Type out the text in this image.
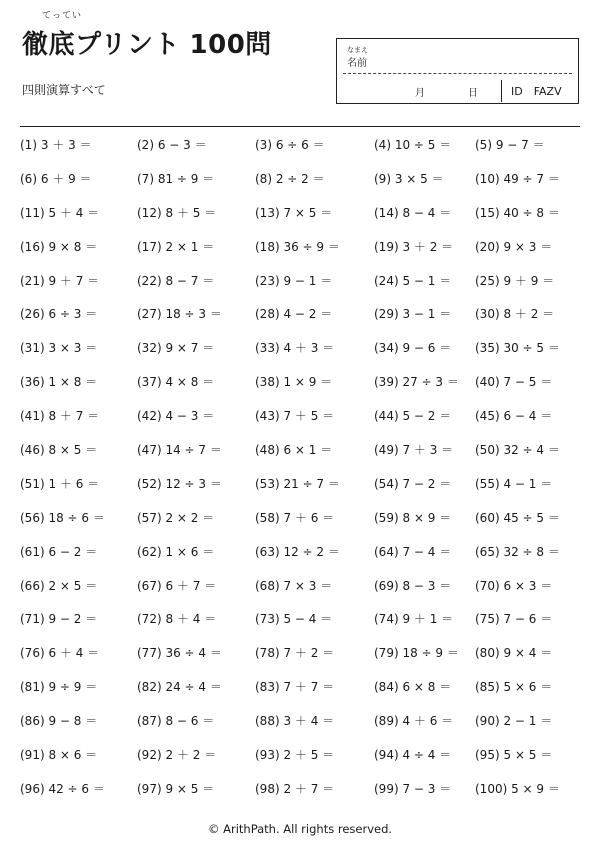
てってい
徹底プリント 100問
四則演算すべて
なまえ
名前
月	日	ID　FAZV
(1) 3 ＋ 3 ＝	(2) 6 − 3 ＝	(3) 6 ÷ 6 ＝	(4) 10 ÷ 5 ＝ (5) 9 − 7 ＝
(6) 6 ＋ 9 ＝	(7) 81 ÷ 9 ＝	(8) 2 ÷ 2 ＝	(9) 3 × 5 ＝	(10) 49 ÷ 7 ＝
(11) 5 ＋ 4 ＝	(12) 8 ＋ 5 ＝	(13) 7 × 5 ＝	(14) 8 − 4 ＝ (15) 40 ÷ 8 ＝
(16) 9 × 8 ＝	(17) 2 × 1 ＝	(18) 36 ÷ 9 ＝	(19) 3 ＋ 2 ＝ (20) 9 × 3 ＝
(21) 9 ＋ 7 ＝	(22) 8 − 7 ＝	(23) 9 − 1 ＝	(24) 5 − 1 ＝ (25) 9 ＋ 9 ＝
(26) 6 ÷ 3 ＝	(27) 18 ÷ 3 ＝	(28) 4 − 2 ＝	(29) 3 − 1 ＝ (30) 8 ＋ 2 ＝
(31) 3 × 3 ＝	(32) 9 × 7 ＝	(33) 4 ＋ 3 ＝	(34) 9 − 6 ＝ (35) 30 ÷ 5 ＝
(36) 1 × 8 ＝	(37) 4 × 8 ＝	(38) 1 × 9 ＝	(39) 27 ÷ 3 ＝ (40) 7 − 5 ＝
(41) 8 ＋ 7 ＝	(42) 4 − 3 ＝	(43) 7 ＋ 5 ＝	(44) 5 − 2 ＝ (45) 6 − 4 ＝
(46) 8 × 5 ＝	(47) 14 ÷ 7 ＝	(48) 6 × 1 ＝	(49) 7 ＋ 3 ＝ (50) 32 ÷ 4 ＝
(51) 1 ＋ 6 ＝	(52) 12 ÷ 3 ＝	(53) 21 ÷ 7 ＝	(54) 7 − 2 ＝ (55) 4 − 1 ＝
(56) 18 ÷ 6 ＝	(57) 2 × 2 ＝	(58) 7 ＋ 6 ＝	(59) 8 × 9 ＝ (60) 45 ÷ 5 ＝
(61) 6 − 2 ＝	(62) 1 × 6 ＝	(63) 12 ÷ 2 ＝	(64) 7 − 4 ＝ (65) 32 ÷ 8 ＝
(66) 2 × 5 ＝	(67) 6 ＋ 7 ＝	(68) 7 × 3 ＝	(69) 8 − 3 ＝ (70) 6 × 3 ＝
(71) 9 − 2 ＝	(72) 8 ＋ 4 ＝	(73) 5 − 4 ＝	(74) 9 ＋ 1 ＝ (75) 7 − 6 ＝
(76) 6 ＋ 4 ＝	(77) 36 ÷ 4 ＝	(78) 7 ＋ 2 ＝	(79) 18 ÷ 9 ＝ (80) 9 × 4 ＝
(81) 9 ÷ 9 ＝	(82) 24 ÷ 4 ＝	(83) 7 ＋ 7 ＝	(84) 6 × 8 ＝ (85) 5 × 6 ＝
(86) 9 − 8 ＝	(87) 8 − 6 ＝	(88) 3 ＋ 4 ＝	(89) 4 ＋ 6 ＝ (90) 2 − 1 ＝
(91) 8 × 6 ＝	(92) 2 ＋ 2 ＝	(93) 2 ＋ 5 ＝	(94) 4 ÷ 4 ＝ (95) 5 × 5 ＝
(96) 42 ÷ 6 ＝	(97) 9 × 5 ＝	(98) 2 ＋ 7 ＝	(99) 7 − 3 ＝ (100) 5 × 9 ＝
© ArithPath. All rights reserved.
